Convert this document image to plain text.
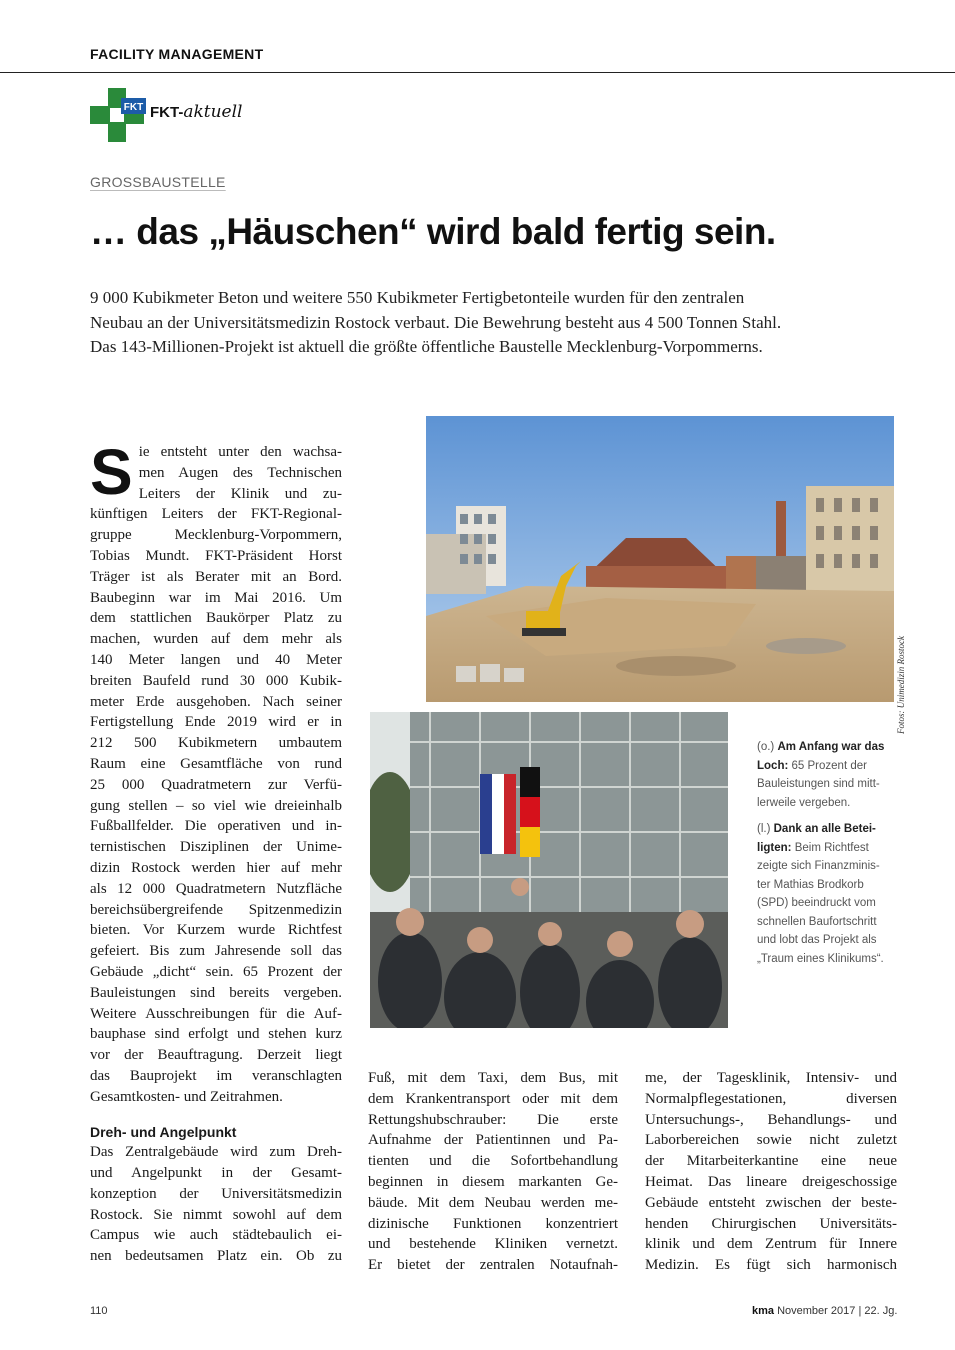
FACILITY MANAGEMENT
FKT FKT-aktuell
GROSSBAUSTELLE
… das „Häuschen“ wird bald fertig sein.
9 000 Kubikmeter Beton und weitere 550 Kubikmeter Fertigbetonteile wurden für den zentralen
Neubau an der Universitätsmedizin Rostock verbaut. Die Bewehrung besteht aus 4 500 Tonnen Stahl.
Das 143-Millionen-Projekt ist aktuell die größte öffentliche Baustelle Mecklenburg-Vorpommerns.
S ie entsteht unter den wachsa-
men Augen des Technischen
Leiters der Klinik und zu-
künftigen Leiters der FKT-Regional-
gruppe Mecklenburg-Vorpommern,
Tobias Mundt. FKT-Präsident Horst
Träger ist als Berater mit an Bord.
Baubeginn war im Mai 2016. Um
dem stattlichen Baukörper Platz zu
machen, wurden auf dem mehr als
140 Meter langen und 40 Meter
breiten Baufeld rund 30 000 Kubik-
meter Erde ausgehoben. Nach seiner
Fertigstellung Ende 2019 wird er in
212 500 Kubikmetern umbautem
Raum eine Gesamtfläche von rund
25 000 Quadratmetern zur Verfü-
gung stellen – so viel wie dreieinhalb
Fußballfelder. Die operativen und in-
ternistischen Disziplinen der Unime-
dizin Rostock werden hier auf mehr
als 12 000 Quadratmetern Nutzfläche
bereichsübergreifende Spitzenmedizin
bieten. Vor Kurzem wurde Richtfest
gefeiert. Bis zum Jahresende soll das
Gebäude „dicht“ sein. 65 Prozent der
Bauleistungen sind bereits vergeben.
Weitere Ausschreibungen für die Auf-
bauphase sind erfolgt und stehen kurz
vor der Beauftragung. Derzeit liegt
das Bauprojekt im veranschlagten
Gesamtkosten- und Zeitrahmen.
Dreh- und Angelpunkt
Das Zentralgebäude wird zum Dreh-
und Angelpunkt in der Gesamt-
konzeption der Universitätsmedizin
Rostock. Sie nimmt sowohl auf dem
Campus wie auch städtebaulich ei-
nen bedeutsamen Platz ein. Ob zu
Fotos: Unimedizin Rostock

(o.) Am Anfang war das
Loch: 65 Prozent der
Bauleistungen sind mitt-
lerweile vergeben.

(l.) Dank an alle Betei-
ligten: Beim Richtfest
zeigte sich Finanzminis-
ter Mathias Brodkorb
(SPD) beeindruckt vom
schnellen Baufortschritt
und lobt das Projekt als
„Traum eines Klinikums“.

Fuß, mit dem Taxi, dem Bus, mit
dem Krankentransport oder mit dem
Rettungshubschrauber: Die erste
Aufnahme der Patientinnen und Pa-
tienten und die Sofortbehandlung
beginnen in diesem markanten Ge-
bäude. Mit dem Neubau werden me-
dizinische Funktionen konzentriert
und bestehende Kliniken vernetzt.
Er bietet der zentralen Notaufnah-
me, der Tagesklinik, Intensiv- und
Normalpflegestationen, diversen
Untersuchungs-, Behandlungs- und
Laborbereichen sowie nicht zuletzt
der Mitarbeiterkantine eine neue
Heimat. Das lineare dreigeschossige
Gebäude entsteht zwischen der beste-
henden Chirurgischen Universitäts-
klinik und dem Zentrum für Innere
Medizin. Es fügt sich harmonisch
110	kma November 2017 | 22. Jg.
